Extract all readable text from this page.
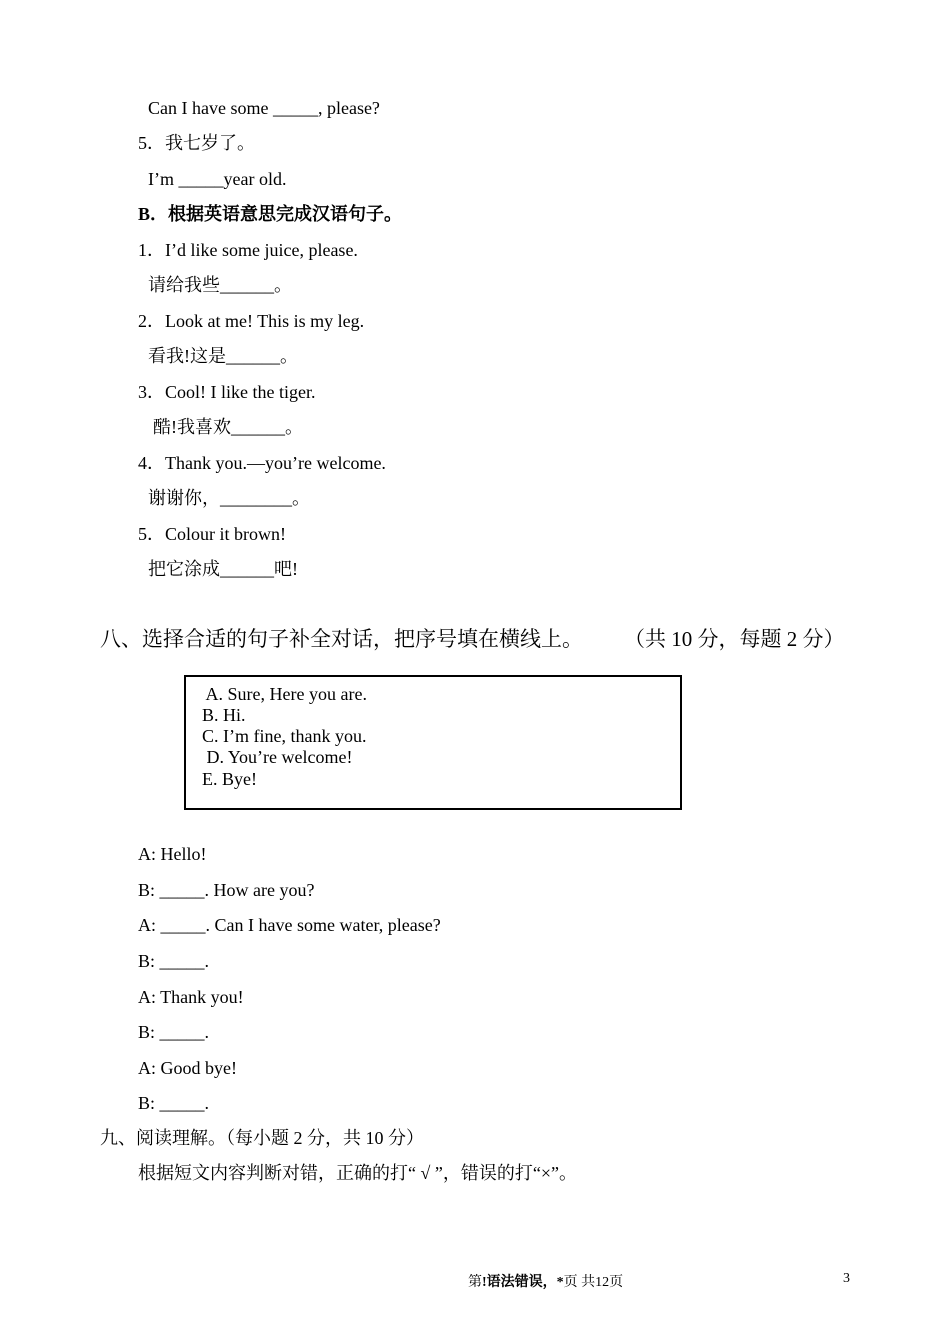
Can I have some _____, please?
5．我七岁了。
I’m _____year old.
B．根据英语意思完成汉语句子。
1．I’d like some juice, please.
请给我些______。
2．Look at me! This is my leg.
看我!这是______。
3．Cool! I like the tiger.
酷!我喜欢______。
4．Thank you.—you’re welcome.
谢谢你，________。
5．Colour it brown!
把它涂成______吧!
八、选择合适的句子补全对话，把序号填在横线上。 （共 10 分，每题 2 分）
A. Sure, Here you are.
B. Hi.
C. I’m fine, thank you.
D. You’re welcome!
E. Bye!
A: Hello!
B: _____. How are you?
A: _____. Can I have some water, please?
B: _____.
A: Thank you!
B: _____.
A: Good bye!
B: _____.
九、阅读理解。（每小题 2 分，共 10 分）
根据短文内容判断对错，正确的打“ √ ”，错误的打“×”。
第!语法错误，*页 共12页	3
